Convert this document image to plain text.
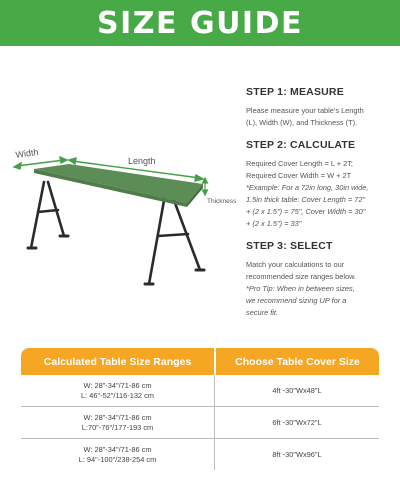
SIZE GUIDE
Width
Length
Thickness

STEP 1: MEASURE

Please measure your table's Length

(L), Width (W), and Thickness (T).

STEP 2: CALCULATE

Required Cover Length = L + 2T;

Required Cover Width = W + 2T

*Example: For a 72in long, 30in wide,

1.5in thick table: Cover Length = 72"

+ (2 x 1.5") = 75", Cover Width = 30"

+ (2 x 1.5") = 33"

STEP 3: SELECT

Match your calculations to our

recommended size ranges below.

*Pro Tip: When in between sizes,

we recommend sizing UP for a

secure fit.

Calculated Table Size Ranges	Choose Table Cover Size
W: 28"-34"/71-86 cm
L: 46"-52"/116-132 cm	4ft -30"Wx48"L
W: 28"-34"/71-86 cm
L:70"-76"/177-193 cm	6ft -30"Wx72"L
W: 28"-34"/71-86 cm
L: 94"-100"/238-254 cm	8ft -30"Wx96"L
